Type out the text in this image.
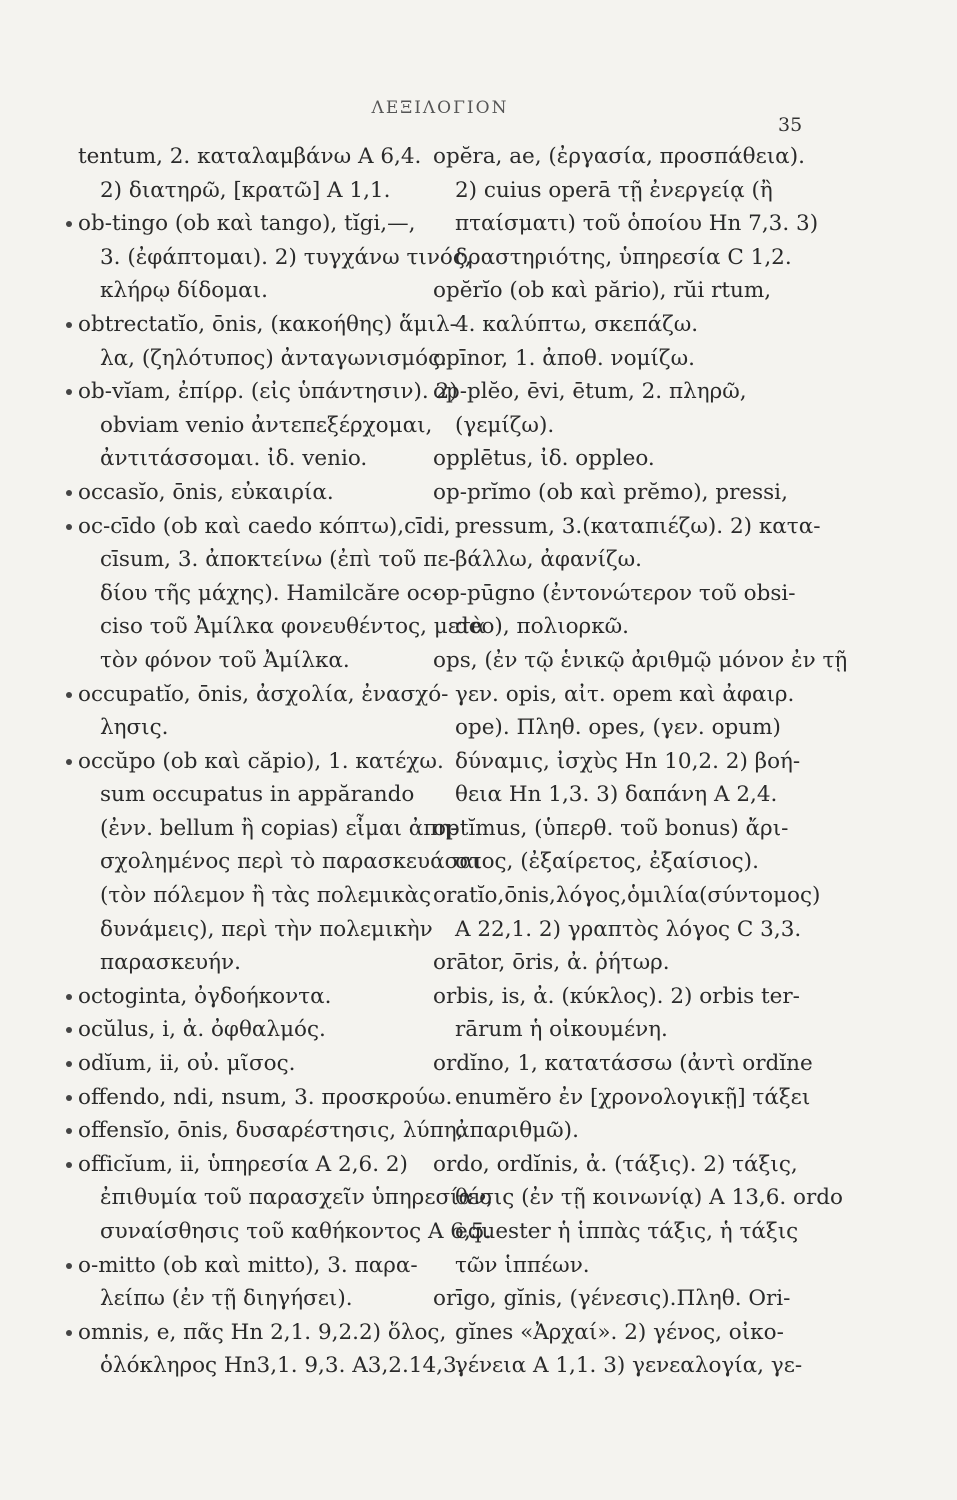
ΛΕΞΙΛΟΓΙΟΝ
35
tentum, 2. καταλαμβάνω Α 6,4.
2) διατηρῶ, [κρατῶ] Α 1,1.
ob-tingo (ob καὶ tango), tĭgi,—,
3. (ἐφάπτομαι). 2) τυγχάνω τινός,
κλήρῳ δίδομαι.
obtrectatĭo, ōnis, (κακοήθης) ἅμιλ-
λα, (ζηλότυπος) ἀνταγωνισμός.
ob-vĭam, ἐπίρρ. (εἰς ὑπάντησιν). 2)
obviam venio ἀντεπεξέρχομαι,
ἀντιτάσσομαι. ἰδ. venio.
occasĭo, ōnis, εὐκαιρία.
oc-cīdo (ob καὶ caedo κόπτω),cīdi,
cīsum, 3. ἀποκτείνω (ἐπὶ τοῦ πε-
δίου τῆς μάχης). Hamilcăre oc-
ciso τοῦ Ἀμίλκα φονευθέντος, μετὰ
τὸν φόνον τοῦ Ἀμίλκα.
occupatĭo, ōnis, ἀσχολία, ἐνασχό-
λησις.
occŭpo (ob καὶ căpio), 1. κατέχω.
sum occupatus in appărando
(ἐνν. bellum ἢ copias) εἶμαι ἀπη-
σχολημένος περὶ τὸ παρασκευάσαι
(τὸν πόλεμον ἢ τὰς πολεμικὰς
δυνάμεις), περὶ τὴν πολεμικὴν
παρασκευήν.
octoginta, ὀγδοήκοντα.
ocŭlus, i, ἀ. ὀφθαλμός.
odĭum, ii, οὐ. μῖσος.
offendo, ndi, nsum, 3. προσκρούω.
offensĭo, ōnis, δυσαρέστησις, λύπη,
officĭum, ii, ὑπηρεσία Α 2,6. 2)
ἐπιθυμία τοῦ παρασχεῖν ὑπηρεσίαν,
συναίσθησις τοῦ καθήκοντος Α 6,5.
o-mitto (ob καὶ mitto), 3. παρα-
λείπω (ἐν τῇ διηγήσει).
omnis, e, πᾶς Hn 2,1. 9,2.2) ὅλος,
ὁλόκληρος Hn3,1. 9,3. Α3,2.14,3.
opĕra, ae, (ἐργασία, προσπάθεια).
2) cuius operā τῇ ἐνεργείᾳ (ἢ
πταίσματι) τοῦ ὁποίου Hn 7,3. 3)
δραστηριότης, ὑπηρεσία C 1,2.
opĕrĭo (ob καὶ părio), rŭi rtum,
4. καλύπτω, σκεπάζω.
opīnor, 1. ἀποθ. νομίζω.
op-plĕo, ēvi, ētum, 2. πληρῶ,
(γεμίζω).
opplētus, ἰδ. oppleo.
op-prĭmo (ob καὶ prĕmo), pressi,
pressum, 3.(καταπιέζω). 2) κατα-
βάλλω, ἀφανίζω.
op-pūgno (ἐντονώτερον τοῦ obsi-
deo), πολιορκῶ.
ops, (ἐν τῷ ἑνικῷ ἀριθμῷ μόνον ἐν τῇ
γεν. opis, αἰτ. opem καὶ ἀφαιρ.
ope). Πληθ. opes, (γεν. opum)
δύναμις, ἰσχὺς Hn 10,2. 2) βοή-
θεια Hn 1,3. 3) δαπάνη Α 2,4.
optĭmus, (ὑπερθ. τοῦ bonus) ἄρι-
στος, (ἐξαίρετος, ἐξαίσιος).
oratĭo,ōnis,λόγος,ὁμιλία(σύντομος)
Α 22,1. 2) γραπτὸς λόγος C 3,3.
orātor, ōris, ἀ. ῥήτωρ.
orbis, is, ἀ. (κύκλος). 2) orbis ter-
rārum ἡ οἰκουμένη.
ordĭno, 1, κατατάσσω (ἀντὶ ordĭne
enumĕro ἐν [χρονολογικῇ] τάξει
ἀπαριθμῶ).
ordo, ordĭnis, ἀ. (τάξις). 2) τάξις,
θέσις (ἐν τῇ κοινωνίᾳ) Α 13,6. ordo
equester ἡ ἱππὰς τάξις, ἡ τάξις
τῶν ἱππέων.
orīgo, gĭnis, (γένεσις).Πληθ. Ori-
gĭnes «Ἀρχαί». 2) γένος, οἰκο-
γένεια Α 1,1. 3) γενεαλογία, γε-
